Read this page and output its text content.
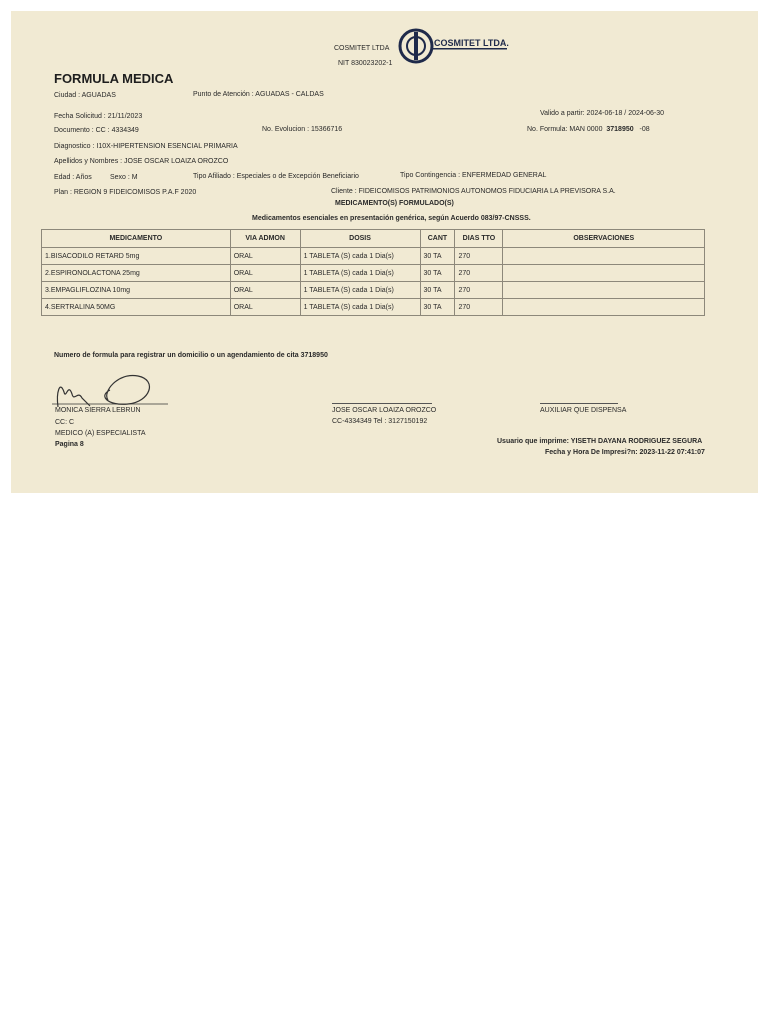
COSMITET LTDA
NIT 830023202-1
COSMITET LTDA.
FORMULA MEDICA
Ciudad : AGUADAS	Punto de Atención : AGUADAS - CALDAS
Fecha Solicitud : 21/11/2023	Valido a partir: 2024-06-18 / 2024-06-30
Documento : CC : 4334349	No. Evolucion : 15366716	No. Formula: MAN 0000 3718950 -08
Diagnostico : I10X-HIPERTENSION ESENCIAL PRIMARIA
Apellidos y Nombres : JOSE OSCAR LOAIZA OROZCO
Edad : Años	Sexo : M	Tipo Afiliado : Especiales o de Excepción Beneficiario	Tipo Contingencia : ENFERMEDAD GENERAL
Plan : REGION 9 FIDEICOMISOS P.A.F 2020	Cliente : FIDEICOMISOS PATRIMONIOS AUTONOMOS FIDUCIARIA LA PREVISORA S.A.
MEDICAMENTO(S) FORMULADO(S)
Medicamentos esenciales en presentación genérica, según Acuerdo 083/97-CNSSS.
MEDICAMENTO	VIA ADMON	DOSIS	CANT	DIAS TTO	OBSERVACIONES
1.BISACODILO RETARD 5mg	ORAL	1 TABLETA (S) cada 1 Dia(s)	30 TA	270	
2.ESPIRONOLACTONA 25mg	ORAL	1 TABLETA (S) cada 1 Dia(s)	30 TA	270	
3.EMPAGLIFLOZINA 10mg	ORAL	1 TABLETA (S) cada 1 Dia(s)	30 TA	270	
4.SERTRALINA 50MG	ORAL	1 TABLETA (S) cada 1 Dia(s)	30 TA	270	
Numero de formula para registrar un domicilio o un agendamiento de cita 3718950
MONICA SIERRA LEBRUN
CC: C
MEDICO (A) ESPECIALISTA
Pagina 8
JOSE OSCAR LOAIZA OROZCO
CC-4334349 Tel : 3127150192
AUXILIAR QUE DISPENSA
Usuario que imprime: YISETH DAYANA RODRIGUEZ SEGURA
Fecha y Hora De Impresi?n: 2023-11-22 07:41:07
